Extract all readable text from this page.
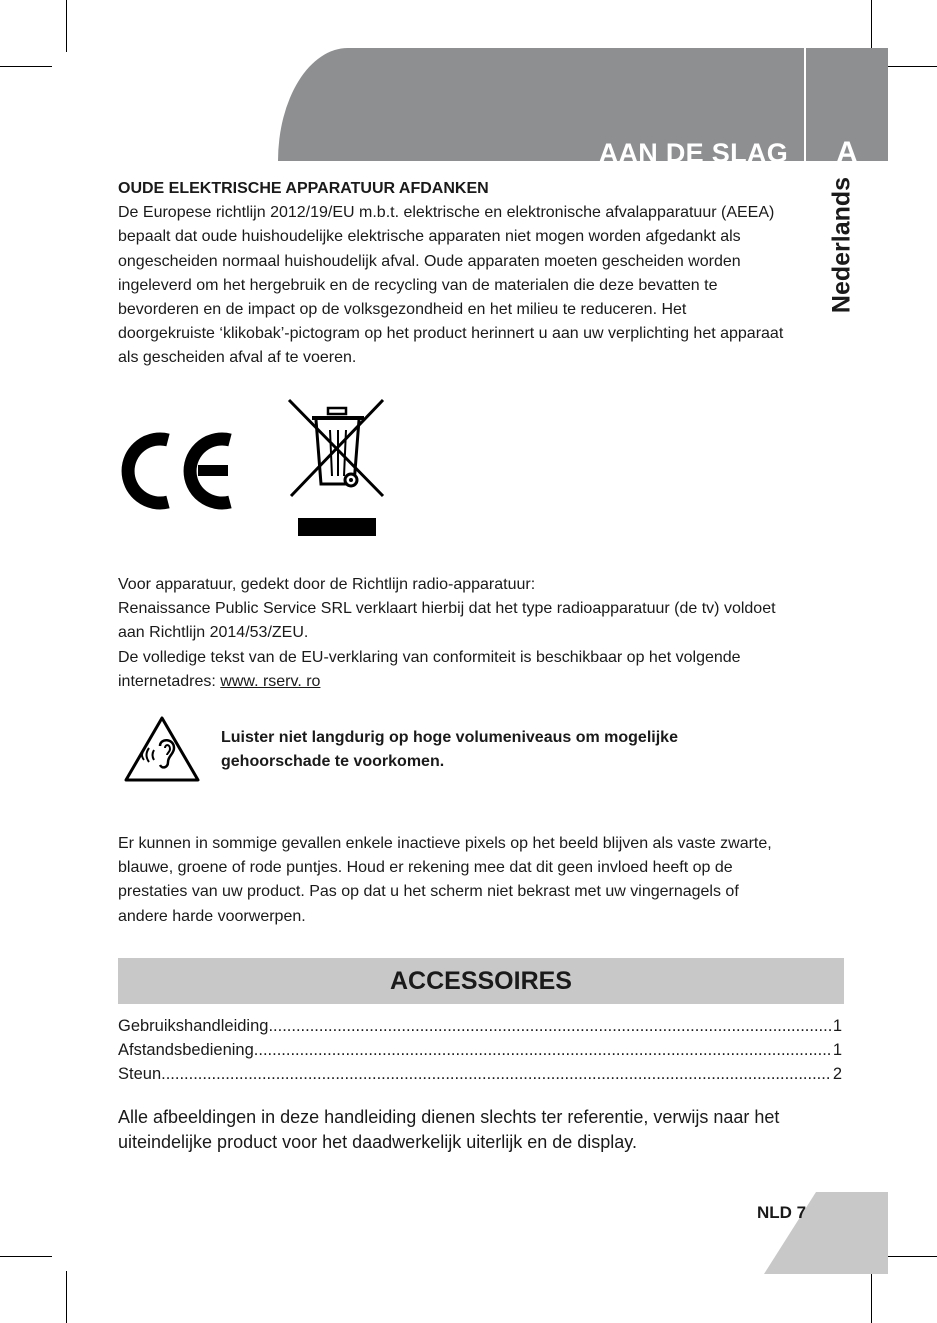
AAN DE SLAG	A
Nederlands

OUDE ELEKTRISCHE APPARATUUR AFDANKEN

De Europese richtlijn 2012/19/EU m.b.t. elektrische en elektronische afvalapparatuur (AEEA)

bepaalt dat oude huishoudelijke elektrische apparaten niet mogen worden afgedankt als

ongescheiden normaal huishoudelijk afval. Oude apparaten moeten gescheiden worden

ingeleverd om het hergebruik en de recycling van de materialen die deze bevatten te

bevorderen en de impact op de volksgezondheid en het milieu te reduceren. Het

doorgekruiste ‘klikobak’-pictogram op het product herinnert u aan uw verplichting het apparaat

als gescheiden afval af te voeren.

Voor apparatuur, gedekt door de Richtlijn radio-apparatuur:

Renaissance Public Service SRL verklaart hierbij dat het type radioapparatuur (de tv) voldoet

aan Richtlijn 2014/53/ZEU.

De volledige tekst van de EU-verklaring van conformiteit is beschikbaar op het volgende

internetadres: www. rserv. ro

Luister niet langdurig op hoge volumeniveaus om mogelijke
gehoorschade te voorkomen.

Er kunnen in sommige gevallen enkele inactieve pixels op het beeld blijven als vaste zwarte,

blauwe, groene of rode puntjes. Houd er rekening mee dat dit geen invloed heeft op de

prestaties van uw product. Pas op dat u het scherm niet bekrast met uw vingernagels of

andere harde voorwerpen.

ACCESSOIRES
Gebruikshandleiding .....	1
Afstandsbediening .....	1
Steun .....	2
Alle afbeeldingen in deze handleiding dienen slechts ter referentie, verwijs naar het
uiteindelijke product voor het daadwerkelijk uiterlijk en de display.
NLD 7
